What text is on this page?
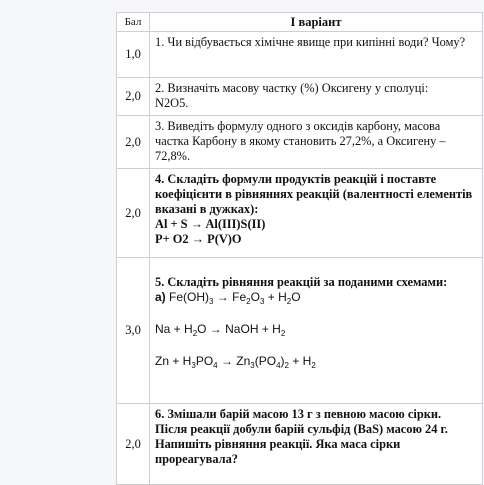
Бал	I варіант
1,0	1. Чи відбувається хімічне явище при кипінні води? Чому?
2,0	2. Визначіть масову частку (%) Оксигену у сполуці:
N2O5.

2,0	3. Виведіть формулу одного з оксидів карбону, масова частка Карбону в якому становить 27,2%, а Оксигену – 72,8%.
2,0	4. Складіть формули продуктів реакцій і поставте коефіцієнти в рівняннях реакцій (валентності елементів вказані в дужках):
Al + S → Al(III)S(II)
P+ O2 → P(V)O

3,0	5. Складіть рівняння реакцій за поданими схемами:
а) $Fe(OH)_3 \to Fe_2O_3 + H_2O$
$Na + H_2O$ → NaOH + $H_2$
$Zn + H_3PO_4 \to Zn_3(PO_4)_2 + H_2$

2,0	6. Змішали барій масою 13 г з певною масою сірки. Після реакції добули барій сульфід (BaS) масою 24 г. Напишіть рівняння реакції. Яка маса сірки прореагувала?
